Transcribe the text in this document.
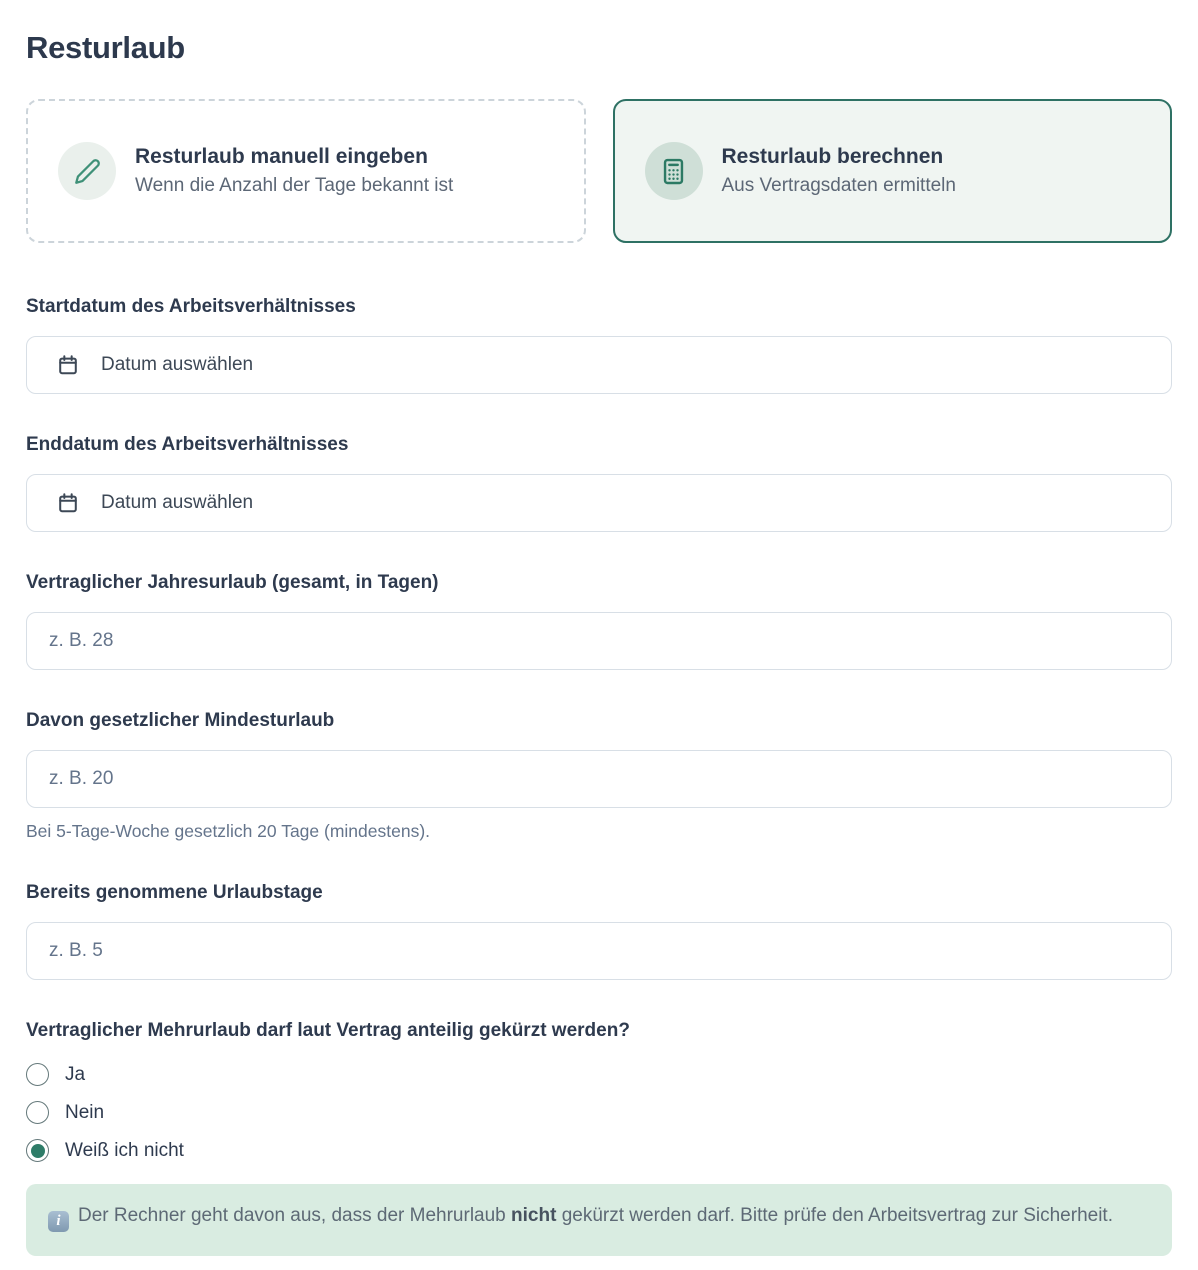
Resturlaub
Resturlaub manuell eingeben
Wenn die Anzahl der Tage bekannt ist
Resturlaub berechnen
Aus Vertragsdaten ermitteln
Startdatum des Arbeitsverhältnisses
Datum auswählen
Enddatum des Arbeitsverhältnisses
Datum auswählen
Vertraglicher Jahresurlaub (gesamt, in Tagen)
z. B. 28
Davon gesetzlicher Mindesturlaub
z. B. 20
Bei 5-Tage-Woche gesetzlich 20 Tage (mindestens).
Bereits genommene Urlaubstage
z. B. 5
Vertraglicher Mehrurlaub darf laut Vertrag anteilig gekürzt werden?
Ja
Nein
Weiß ich nicht
i Der Rechner geht davon aus, dass der Mehrurlaub nicht gekürzt werden darf. Bitte prüfe den Arbeitsvertrag zur Sicherheit.
